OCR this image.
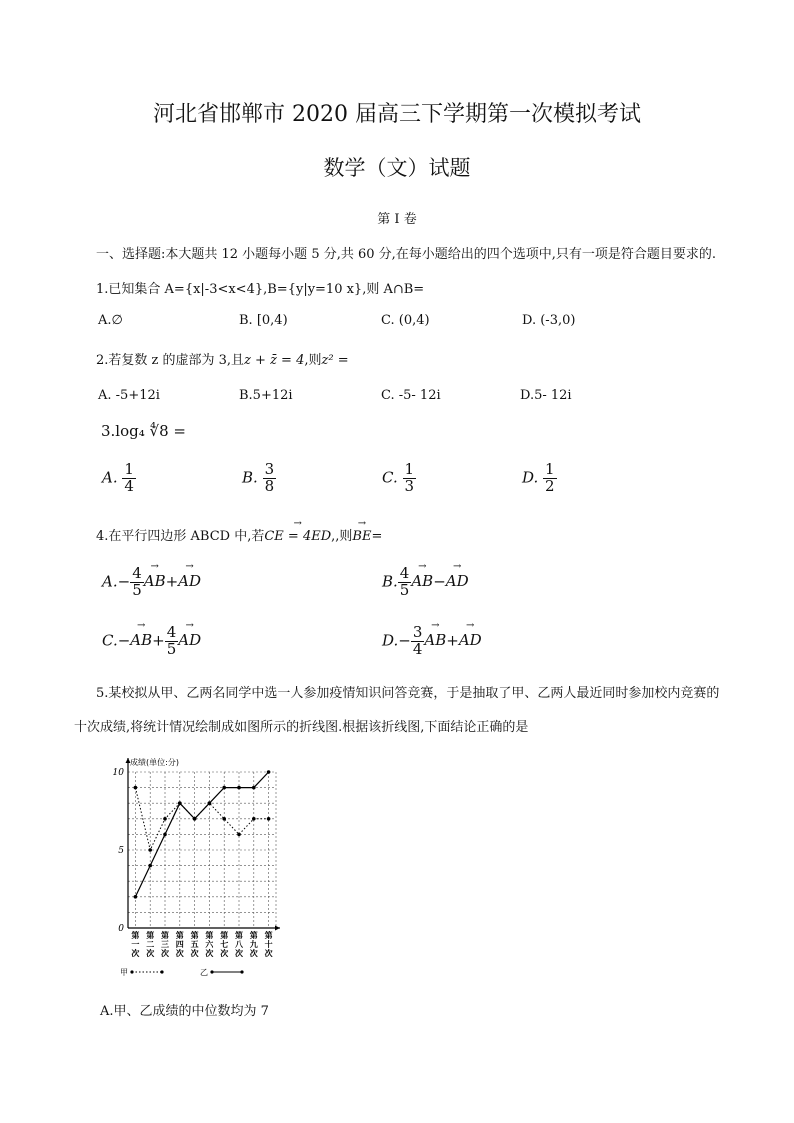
河北省邯郸市 2020 届高三下学期第一次模拟考试
数学（文）试题
第 I 卷
一、选择题:本大题共 12 小题每小题 5 分,共 60 分,在每小题给出的四个选项中,只有一项是符合题目要求的.
1.已知集合 A={x|-3<x<4},B={y|y=10 x},则 A∩B=
A.∅	B. [0,4)	C. (0,4)	D. (-3,0)
2.若复数 z 的虚部为 3,且z + z̄ = 4,则z² =
A. -5+12i	B.5+12i	C. -5- 12i	D.5- 12i
3.log₄ ∜8 =
A. $\frac{1}{4}$	B. $\frac{3}{8}$	C. $\frac{1}{3}$	D. $\frac{1}{2}$
4.在平行四边形 ABCD 中,若→ CE = 4ED,,则→ BE=
$A.- \frac{4}{5}$
→ AB+→ AD	B. $\frac{4}{5}$
→ AB−→ AD
$C.-\to AB+ \frac{4}{5}$
→ AD	$D.- \frac{3}{4}$
→ AB+→ AD
5.某校拟从甲、乙两名同学中选一人参加疫情知识问答竞赛，于是抽取了甲、乙两人最近同时参加校内竞赛的
十次成绩,将统计情况绘制成如图所示的折线图.根据该折线图,下面结论正确的是
成绩(单位:分)
0
5
10
第
一
次
第
二
次
第
三
次
第
四
次
第
五
次
第
六
次
第
七
次
第
八
次
第
九
次
第
十
次
甲	乙
A.甲、乙成绩的中位数均为 7
